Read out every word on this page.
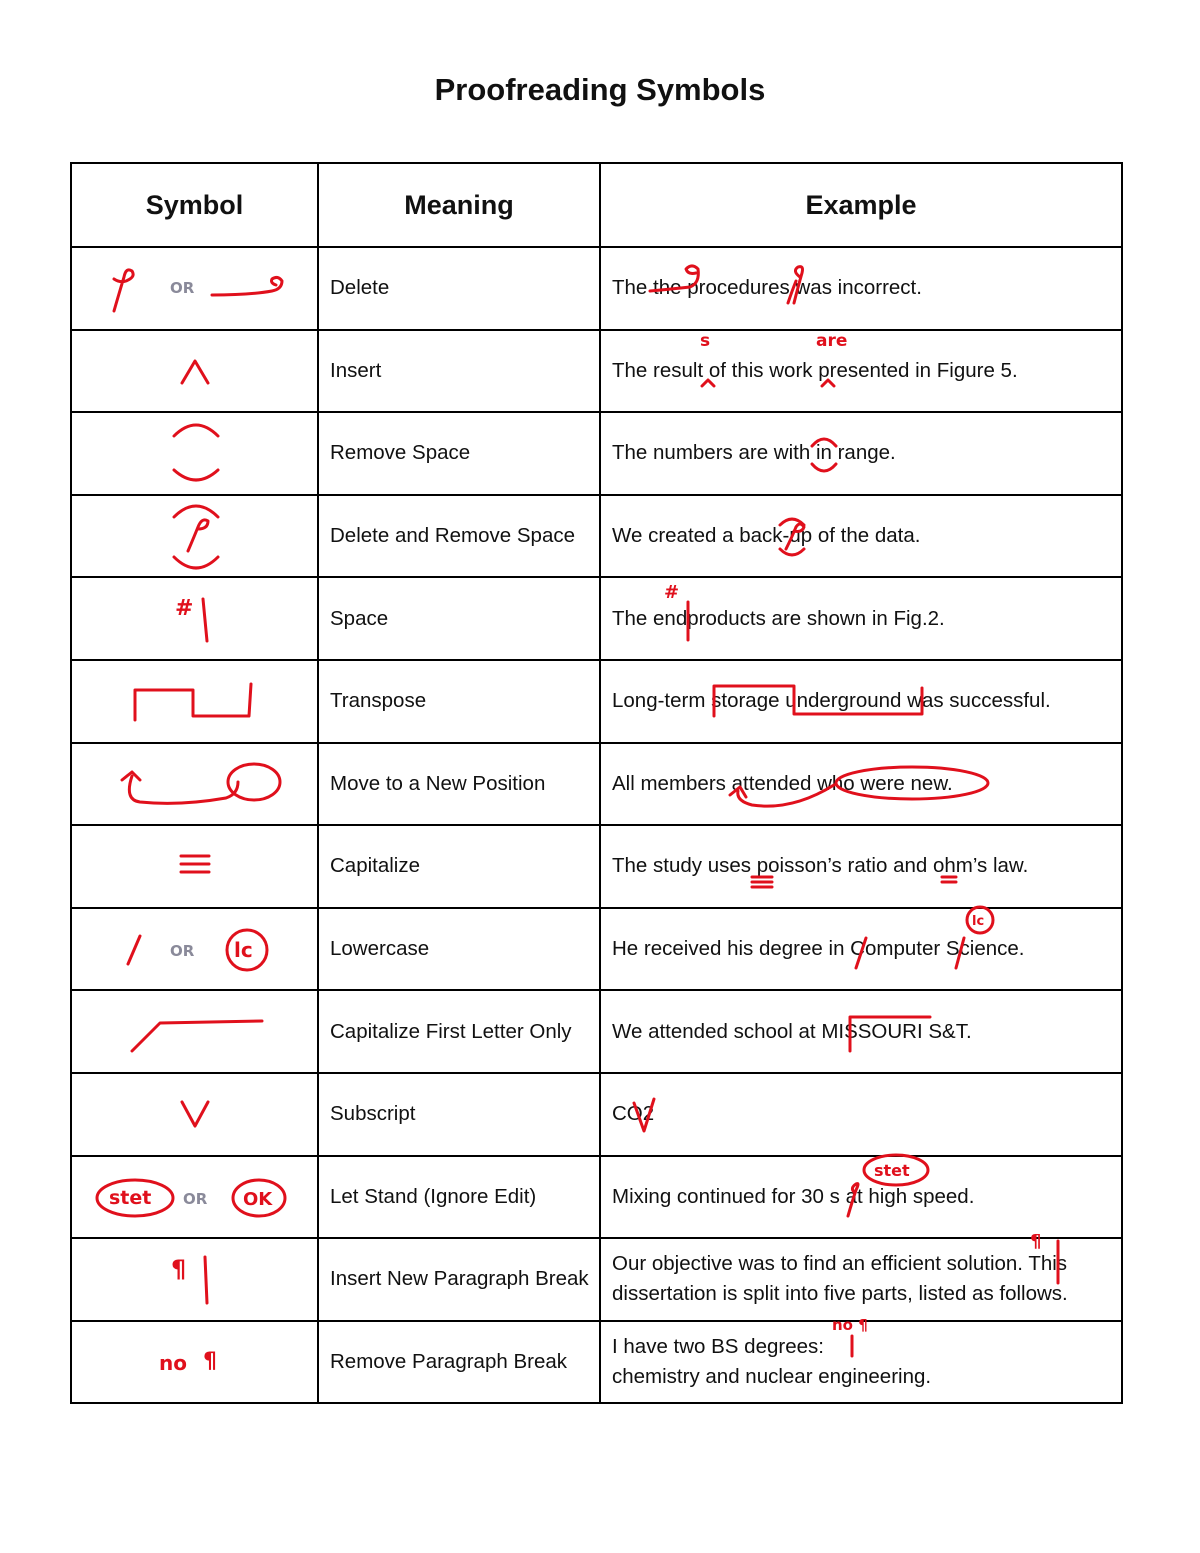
Proofreading Symbols
Symbol	Meaning	Example

OR	Delete	The the procedures was incorrect.

	Insert	The result of this work presented in Figure 5.
s are

	Remove Space	The numbers are with in range.

	Delete and Remove Space	We created a back-up of the data.

#	Space	The endproducts are shown in Fig.2.
#

	Transpose	Long-term storage underground was successful.

	Move to a New Position	All members attended who were new.

	Capitalize	The study uses poisson’s ratio and ohm’s law.

OR lc	Lowercase	He received his degree in Computer Science.
lc

	Capitalize First Letter Only	We attended school at MISSOURI S&T.

	Subscript	CO2

stet OR OK	Let Stand (Ignore Edit)	Mixing continued for 30 s at high speed.
stet

¶	Insert New Paragraph Break	Our objective was to find an efficient solution. This
dissertation is split into five parts, listed as follows.
¶

no ¶	Remove Paragraph Break	I have two BS degrees:
chemistry and nuclear engineering.
no ¶
